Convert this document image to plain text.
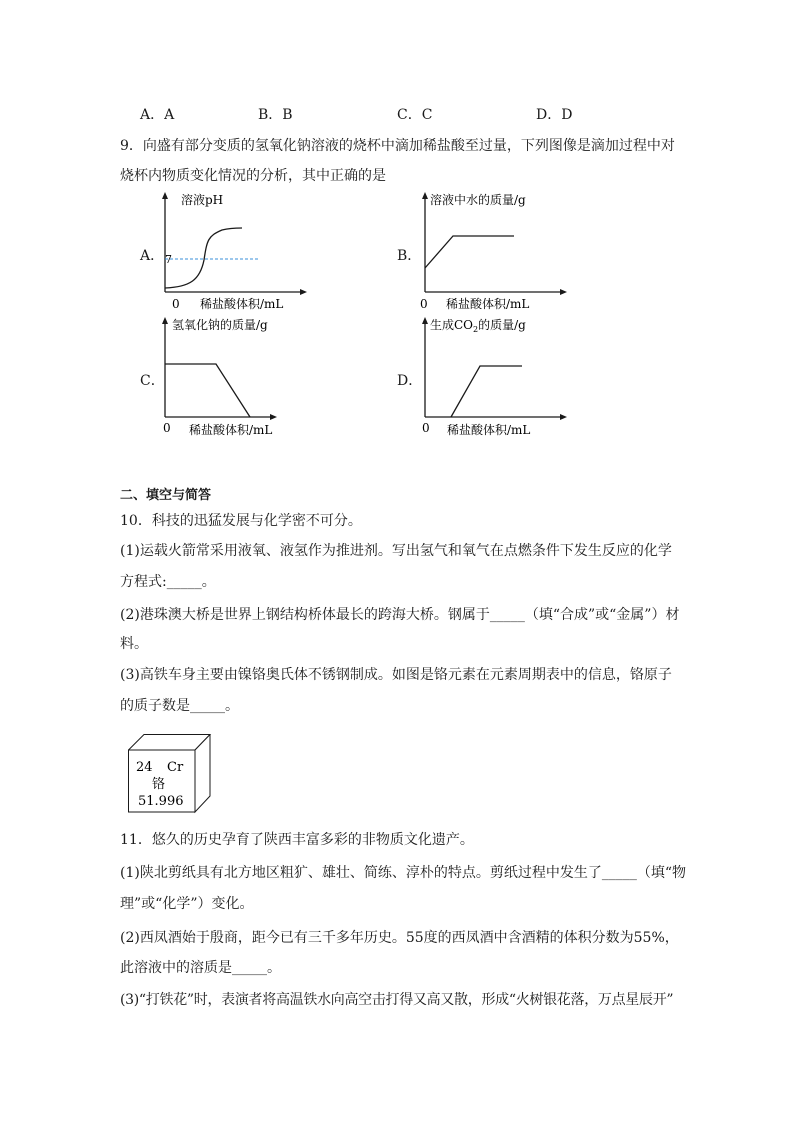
A．A	B．B	C．C	D．D
9．向盛有部分变质的氢氧化钠溶液的烧杯中滴加稀盐酸至过量，下列图像是滴加过程中对
烧杯内物质变化情况的分析，其中正确的是
A．
溶液pH
7
0 稀盐酸体积/mL
B．
溶液中水的质量/g
0 稀盐酸体积/mL
C．
氢氧化钠的质量/g
0 稀盐酸体积/mL
D．
生成$CO_2$的质量/g
0 稀盐酸体积/mL
二、填空与简答
10．科技的迅猛发展与化学密不可分。
(1)运载火箭常采用液氧、液氢作为推进剂。写出氢气和氧气在点燃条件下发生反应的化学
方程式:_____。
(2)港珠澳大桥是世界上钢结构桥体最长的跨海大桥。钢属于_____（填“合成”或“金属”）材
料。
(3)高铁车身主要由镍铬奥氏体不锈钢制成。如图是铬元素在元素周期表中的信息，铬原子
的质子数是_____。
24 Cr
铬
51.996
11．悠久的历史孕育了陕西丰富多彩的非物质文化遗产。
(1)陕北剪纸具有北方地区粗犷、雄壮、简练、淳朴的特点。剪纸过程中发生了_____（填“物
理”或“化学”）变化。
(2)西凤酒始于殷商，距今已有三千多年历史。55度的西凤酒中含酒精的体积分数为55%，
此溶液中的溶质是_____。
(3)“打铁花”时，表演者将高温铁水向高空击打得又高又散，形成“火树银花落，万点星辰开”
